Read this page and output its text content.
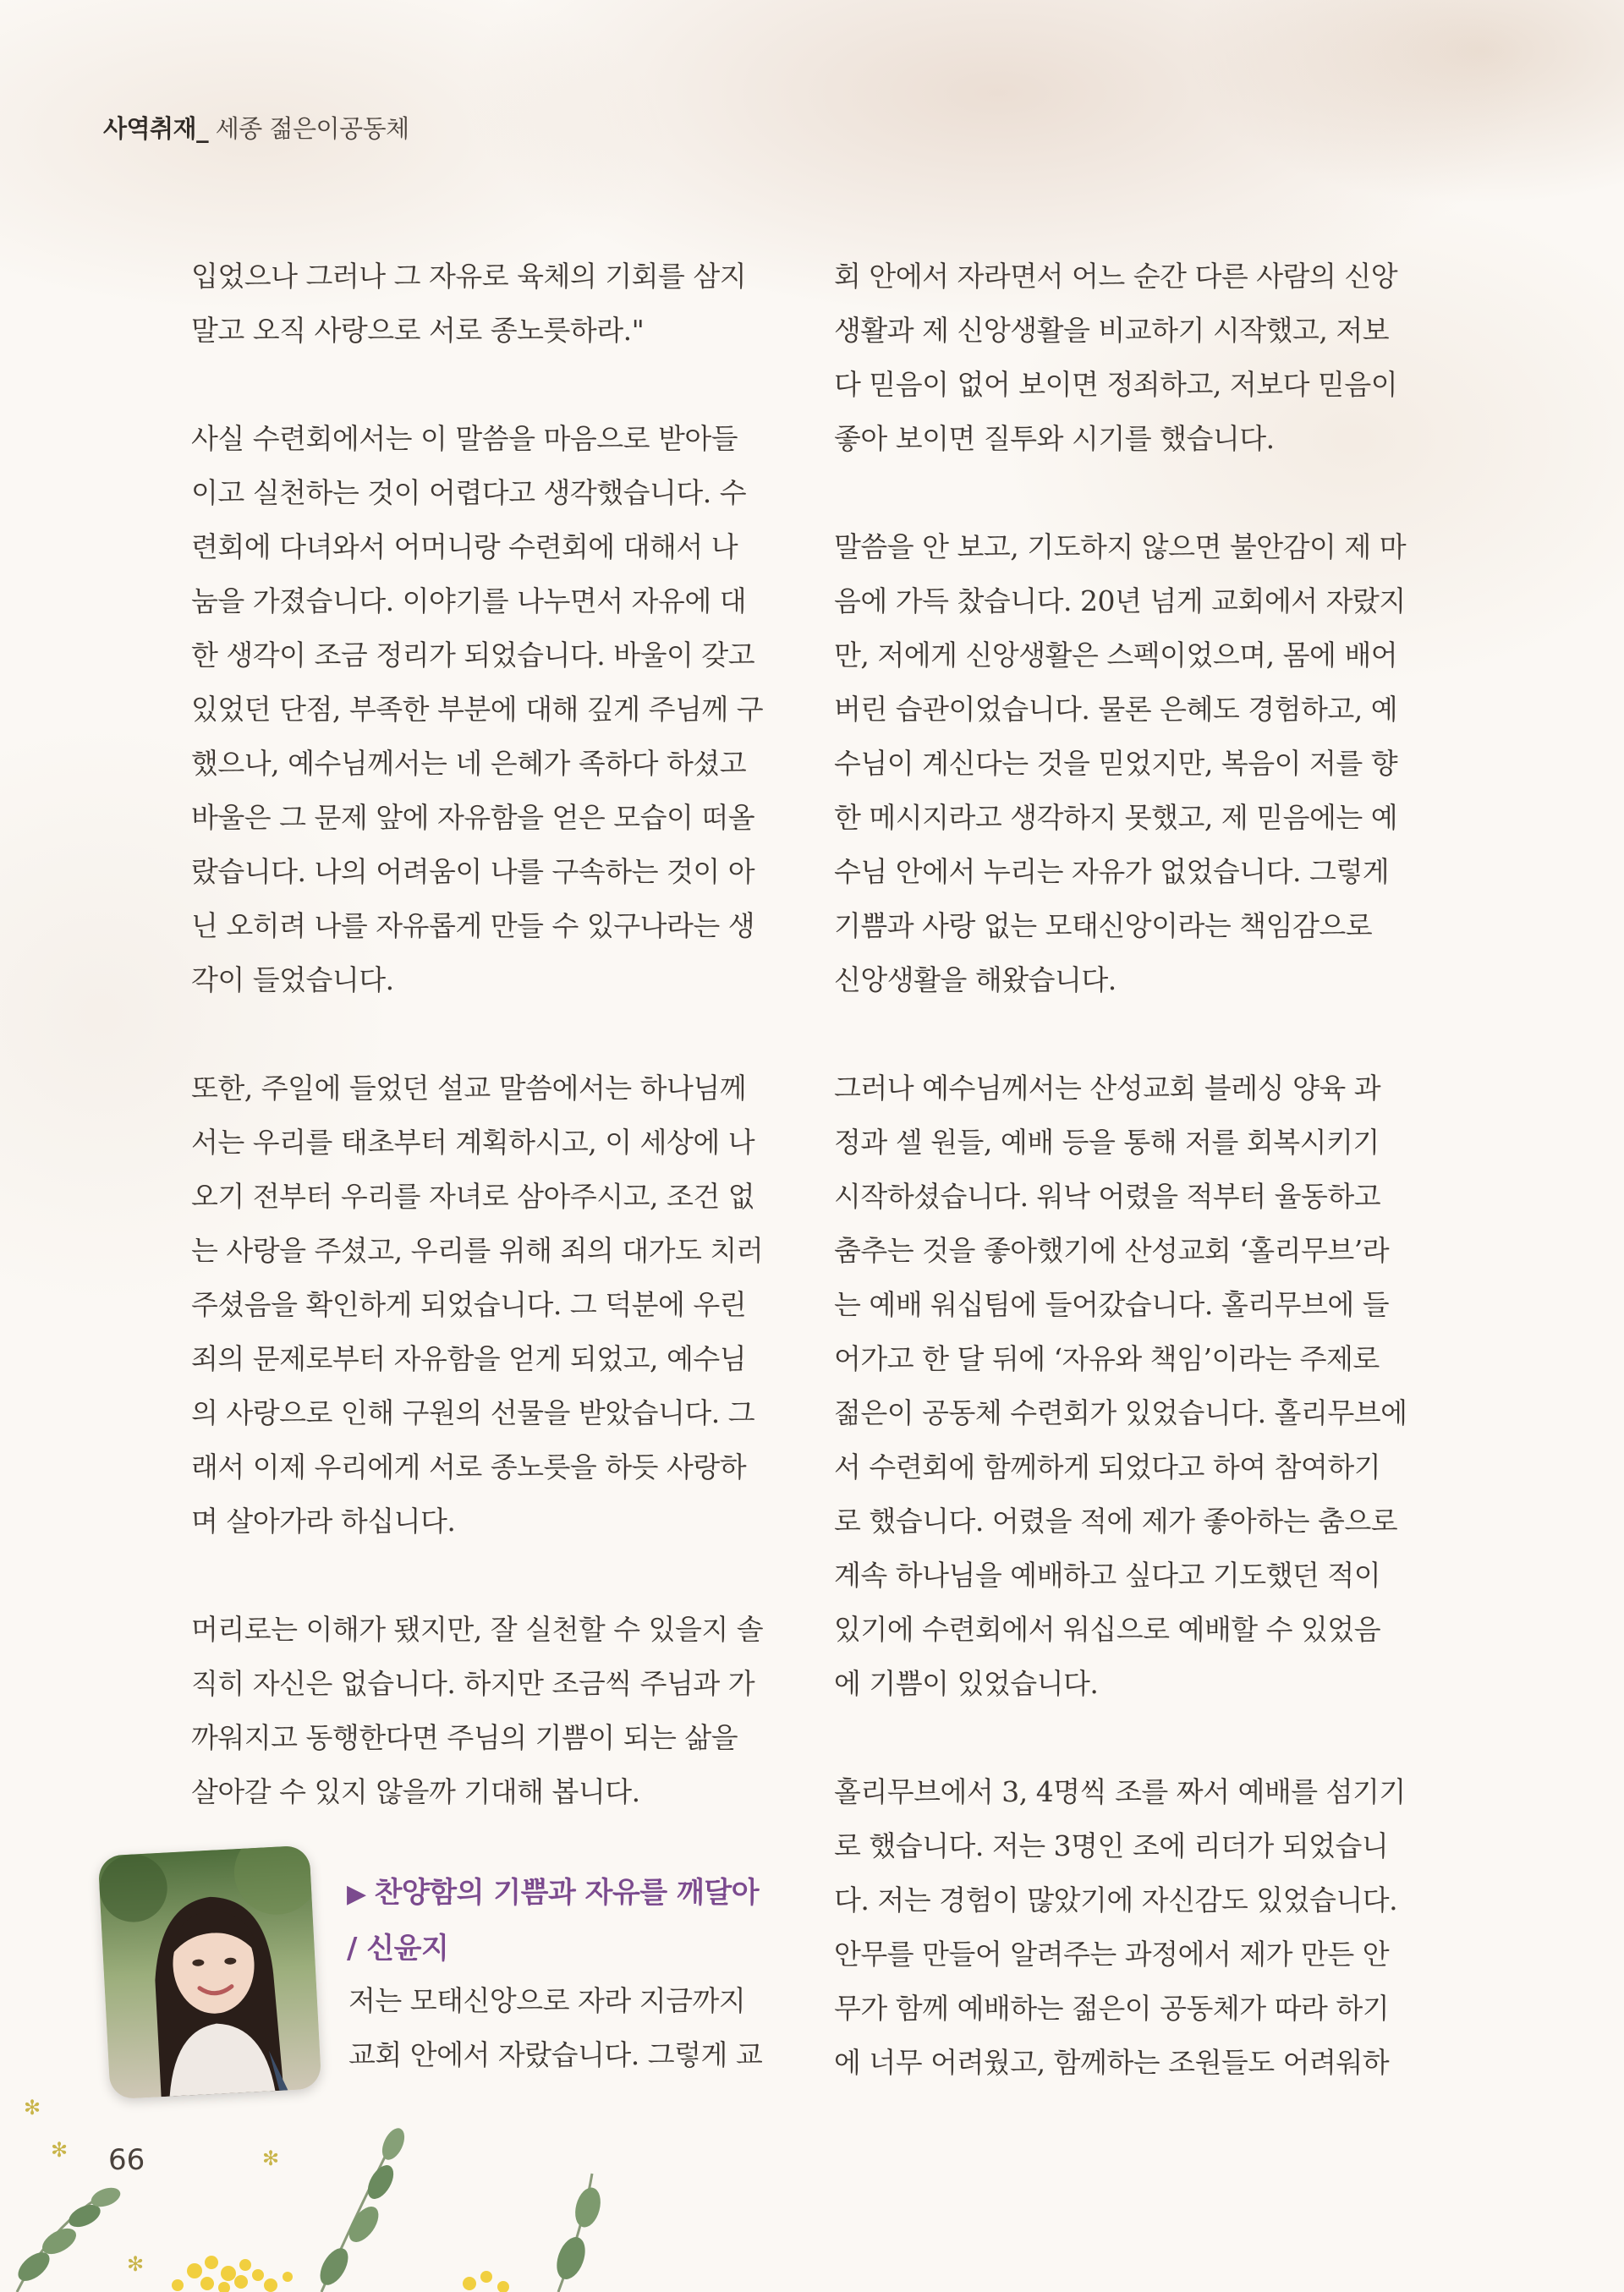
사역취재_ 세종 젊은이공동체
입었으나 그러나 그 자유로 육체의 기회를 삼지
말고 오직 사랑으로 서로 종노릇하라."
사실 수련회에서는 이 말씀을 마음으로 받아들
이고 실천하는 것이 어렵다고 생각했습니다. 수
련회에 다녀와서 어머니랑 수련회에 대해서 나
눔을 가졌습니다. 이야기를 나누면서 자유에 대
한 생각이 조금 정리가 되었습니다. 바울이 갖고
있었던 단점, 부족한 부분에 대해 깊게 주님께 구
했으나, 예수님께서는 네 은혜가 족하다 하셨고
바울은 그 문제 앞에 자유함을 얻은 모습이 떠올
랐습니다. 나의 어려움이 나를 구속하는 것이 아
닌 오히려 나를 자유롭게 만들 수 있구나라는 생
각이 들었습니다.
또한, 주일에 들었던 설교 말씀에서는 하나님께
서는 우리를 태초부터 계획하시고, 이 세상에 나
오기 전부터 우리를 자녀로 삼아주시고, 조건 없
는 사랑을 주셨고, 우리를 위해 죄의 대가도 치러
주셨음을 확인하게 되었습니다. 그 덕분에 우린
죄의 문제로부터 자유함을 얻게 되었고, 예수님
의 사랑으로 인해 구원의 선물을 받았습니다. 그
래서 이제 우리에게 서로 종노릇을 하듯 사랑하
며 살아가라 하십니다.
머리로는 이해가 됐지만, 잘 실천할 수 있을지 솔
직히 자신은 없습니다. 하지만 조금씩 주님과 가
까워지고 동행한다면 주님의 기쁨이 되는 삶을
살아갈 수 있지 않을까 기대해 봅니다.
회 안에서 자라면서 어느 순간 다른 사람의 신앙
생활과 제 신앙생활을 비교하기 시작했고, 저보
다 믿음이 없어 보이면 정죄하고, 저보다 믿음이
좋아 보이면 질투와 시기를 했습니다.
말씀을 안 보고, 기도하지 않으면 불안감이 제 마
음에 가득 찼습니다. 20년 넘게 교회에서 자랐지
만, 저에게 신앙생활은 스펙이었으며, 몸에 배어
버린 습관이었습니다. 물론 은혜도 경험하고, 예
수님이 계신다는 것을 믿었지만, 복음이 저를 향
한 메시지라고 생각하지 못했고, 제 믿음에는 예
수님 안에서 누리는 자유가 없었습니다. 그렇게
기쁨과 사랑 없는 모태신앙이라는 책임감으로
신앙생활을 해왔습니다.
그러나 예수님께서는 산성교회 블레싱 양육 과
정과 셀 원들, 예배 등을 통해 저를 회복시키기
시작하셨습니다. 워낙 어렸을 적부터 율동하고
춤추는 것을 좋아했기에 산성교회 ‘홀리무브’라
는 예배 워십팀에 들어갔습니다. 홀리무브에 들
어가고 한 달 뒤에 ‘자유와 책임’이라는 주제로
젊은이 공동체 수련회가 있었습니다. 홀리무브에
서 수련회에 함께하게 되었다고 하여 참여하기
로 했습니다. 어렸을 적에 제가 좋아하는 춤으로
계속 하나님을 예배하고 싶다고 기도했던 적이
있기에 수련회에서 워십으로 예배할 수 있었음
에 기쁨이 있었습니다.
홀리무브에서 3, 4명씩 조를 짜서 예배를 섬기기
로 했습니다. 저는 3명인 조에 리더가 되었습니
다. 저는 경험이 많았기에 자신감도 있었습니다.
안무를 만들어 알려주는 과정에서 제가 만든 안
무가 함께 예배하는 젊은이 공동체가 따라 하기
에 너무 어려웠고, 함께하는 조원들도 어려워하
▶ 찬양함의 기쁨과 자유를 깨달아
/ 신윤지
저는 모태신앙으로 자라 지금까지
교회 안에서 자랐습니다. 그렇게 교
66
✻
✻	✻
✻
